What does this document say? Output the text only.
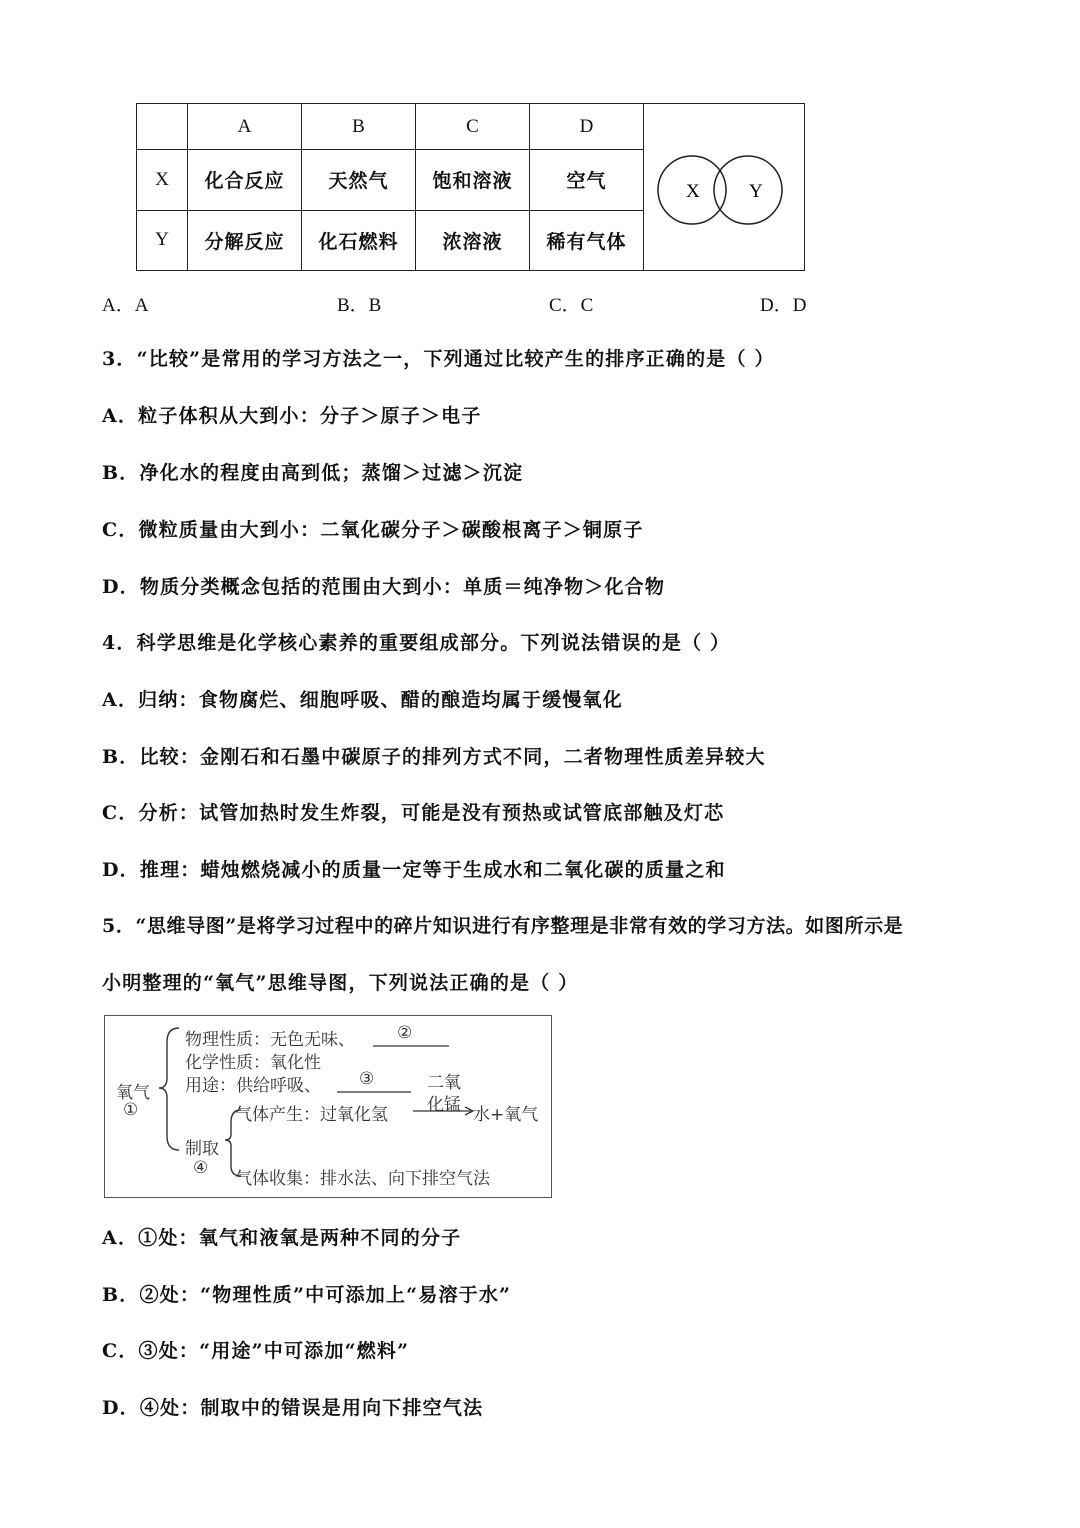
	A	B	C	D	X Y

X	化合反应	天然气	饱和溶液	空气	
Y	分解反应	化石燃料	浓溶液	稀有气体	
A．A	B．B	C．C	D．D
3．“比较”是常用的学习方法之一，下列通过比较产生的排序正确的是（ ）
A．粒子体积从大到小：分子＞原子＞电子
B．净化水的程度由高到低；蒸馏＞过滤＞沉淀
C．微粒质量由大到小：二氧化碳分子＞碳酸根离子＞铜原子
D．物质分类概念包括的范围由大到小：单质＝纯净物＞化合物
4．科学思维是化学核心素养的重要组成部分。下列说法错误的是（ ）
A．归纳：食物腐烂、细胞呼吸、醋的酿造均属于缓慢氧化
B．比较：金刚石和石墨中碳原子的排列方式不同，二者物理性质差异较大
C．分析：试管加热时发生炸裂，可能是没有预热或试管底部触及灯芯
D．推理：蜡烛燃烧减小的质量一定等于生成水和二氧化碳的质量之和
5．“思维导图”是将学习过程中的碎片知识进行有序整理是非常有效的学习方法。如图所示是
小明整理的“氧气”思维导图，下列说法正确的是（ ）
氧气
①
物理性质：无色无味、 ②
化学性质：氧化性
用途：供给呼吸、 ③	二氧
化锰
气体产生：过氧化氢	水+氧气
制取
④
气体收集：排水法、向下排空气法
A．①处：氧气和液氧是两种不同的分子
B．②处：“物理性质”中可添加上“易溶于水”
C．③处：“用途”中可添加“燃料”
D．④处：制取中的错误是用向下排空气法
